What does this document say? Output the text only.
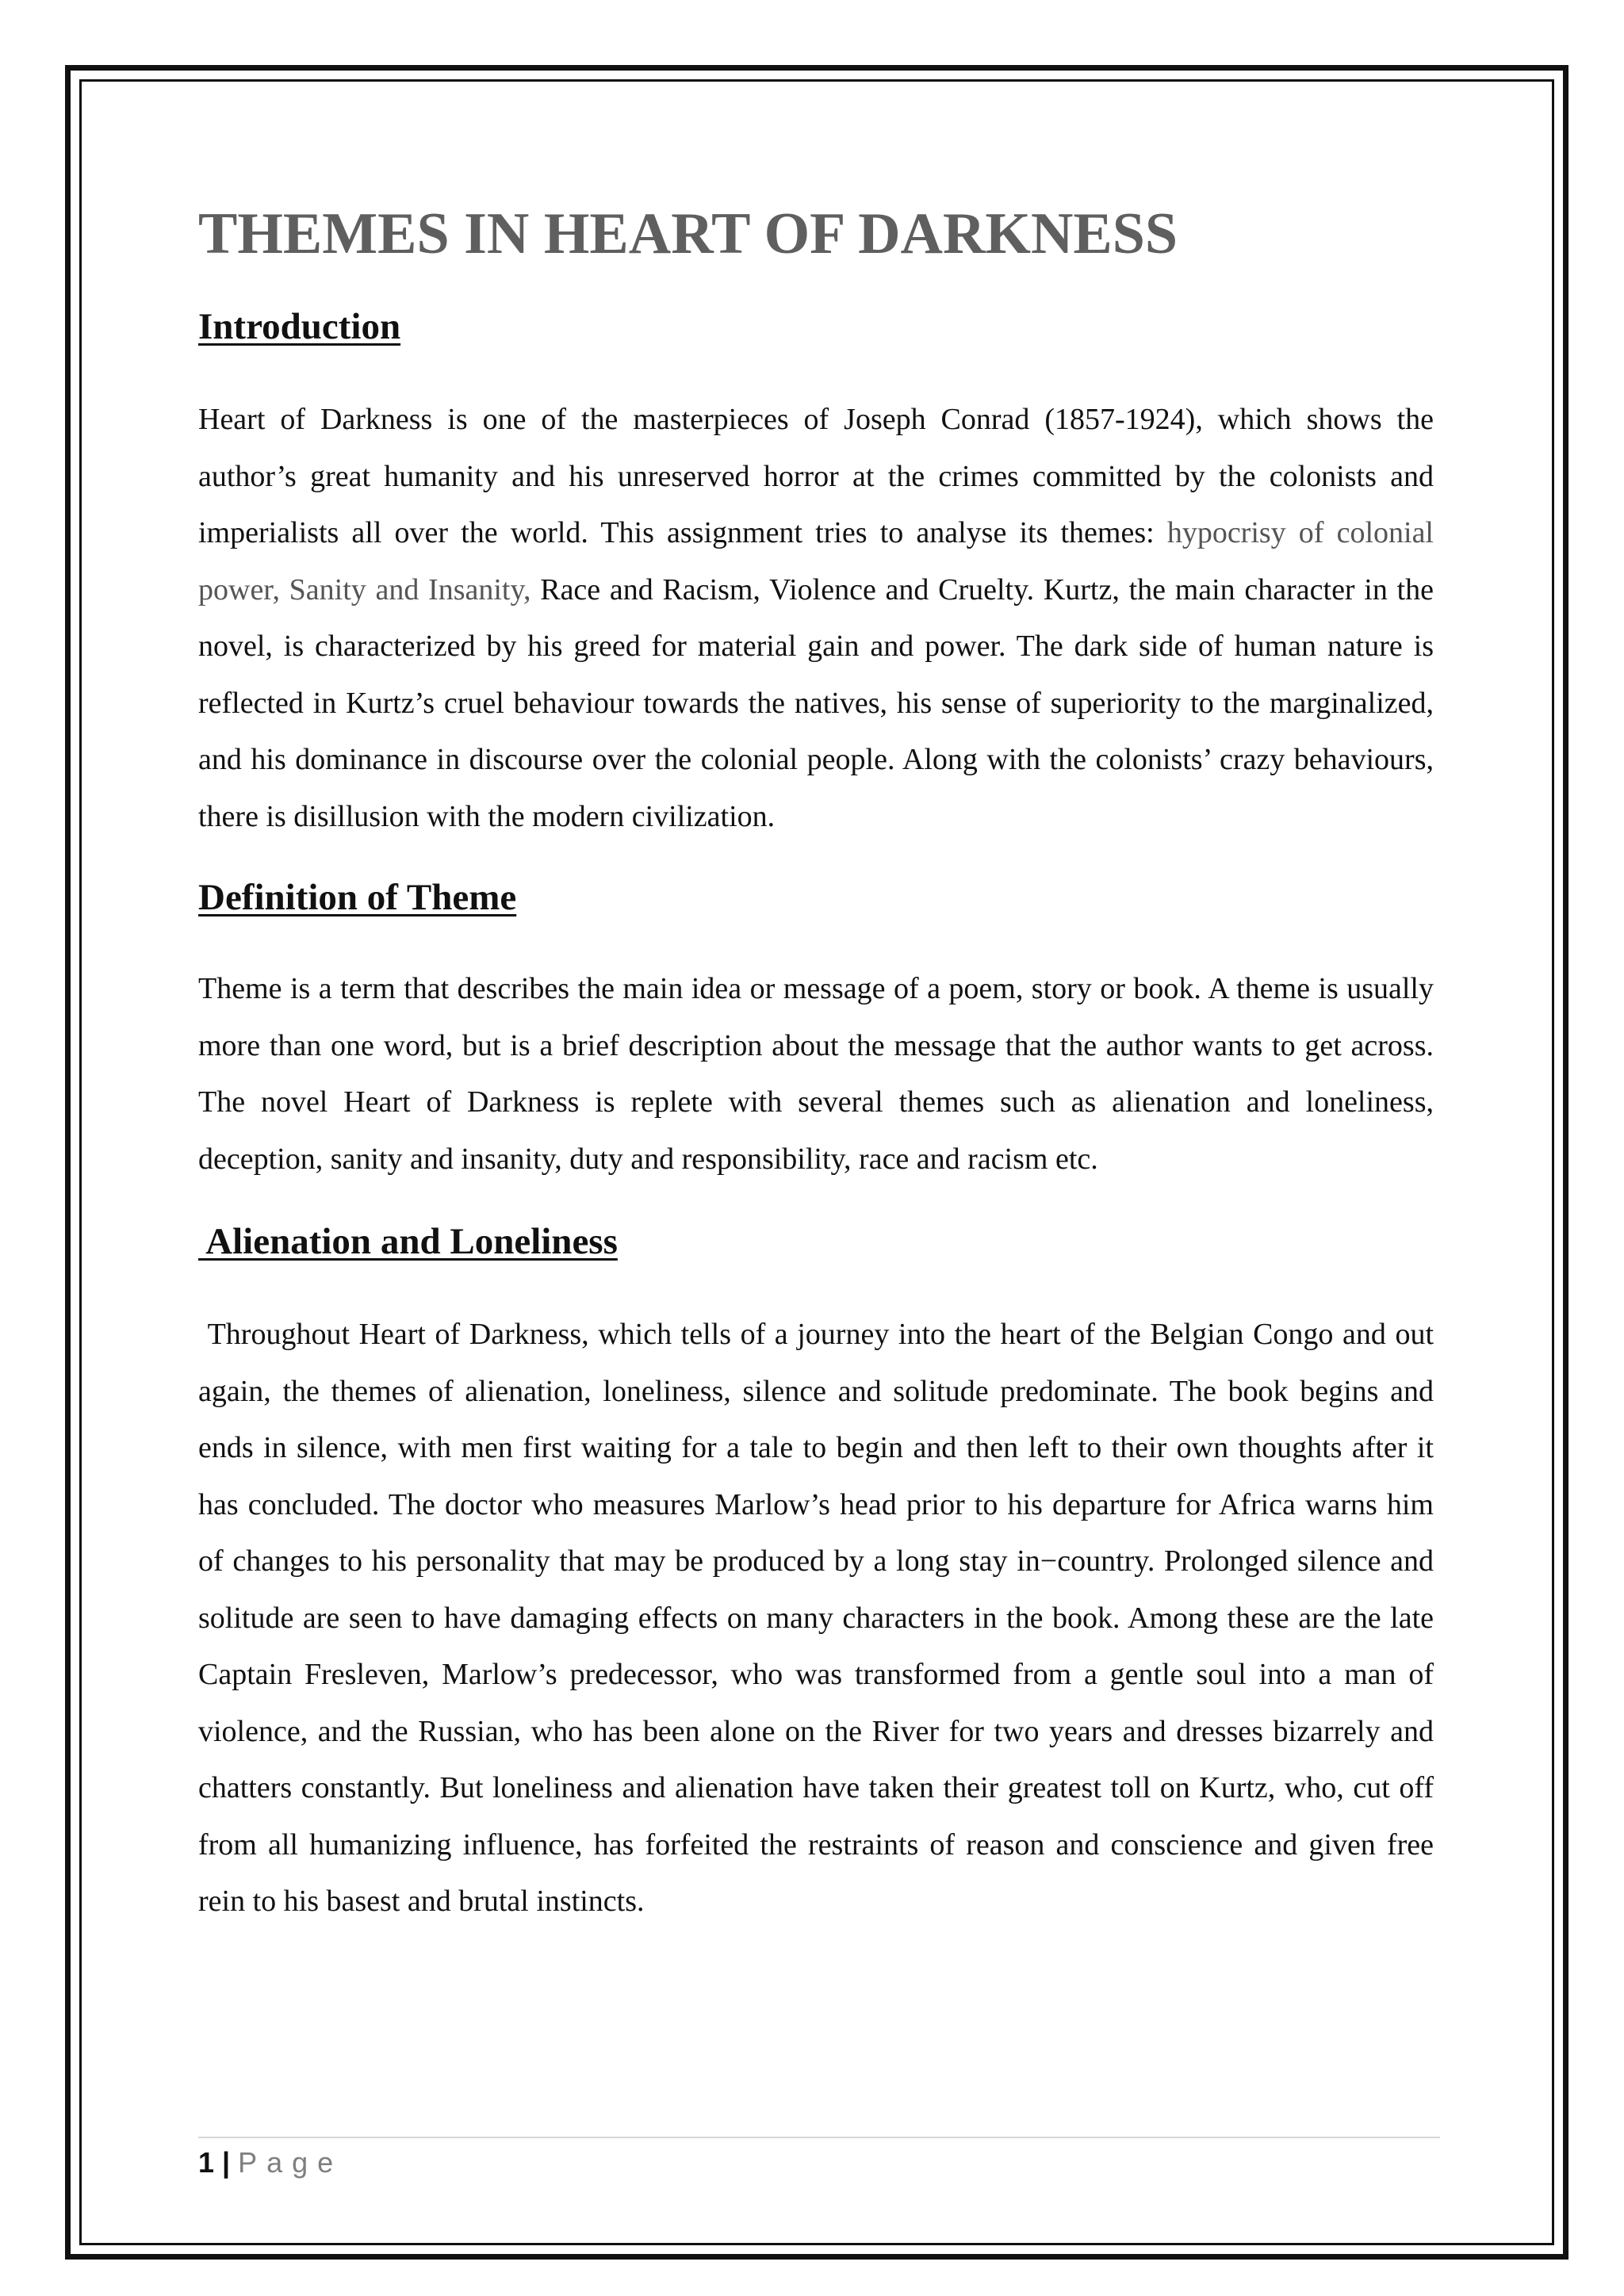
THEMES IN HEART OF DARKNESS
Introduction

Heart of Darkness is one of the masterpieces of Joseph Conrad (1857-1924), which shows the author’s great humanity and his unreserved horror at the crimes committed by the colonists and imperialists all over the world. This assignment tries to analyse its themes: hypocrisy of colonial power, Sanity and Insanity, Race and Racism, Violence and Cruelty. Kurtz, the main character in the novel, is characterized by his greed for material gain and power. The dark side of human nature is reflected in Kurtz’s cruel behaviour towards the natives, his sense of superiority to the marginalized, and his dominance in discourse over the colonial people. Along with the colonists’ crazy behaviours, there is disillusion with the modern civilization.

Definition of Theme

Theme is a term that describes the main idea or message of a poem, story or book. A theme is usually more than one word, but is a brief description about the message that the author wants to get across. The novel Heart of Darkness is replete with several themes such as alienation and loneliness, deception, sanity and insanity, duty and responsibility, race and racism etc.

Alienation and Loneliness

Throughout Heart of Darkness, which tells of a journey into the heart of the Belgian Congo and out again, the themes of alienation, loneliness, silence and solitude predominate. The book begins and ends in silence, with men first waiting for a tale to begin and then left to their own thoughts after it has concluded. The doctor who measures Marlow’s head prior to his departure for Africa warns him of changes to his personality that may be produced by a long stay in−country. Prolonged silence and solitude are seen to have damaging effects on many characters in the book. Among these are the late Captain Fresleven, Marlow’s predecessor, who was transformed from a gentle soul into a man of violence, and the Russian, who has been alone on the River for two years and dresses bizarrely and chatters constantly. But loneliness and alienation have taken their greatest toll on Kurtz, who, cut off from all humanizing influence, has forfeited the restraints of reason and conscience and given free rein to his basest and brutal instincts.

1 | Page
